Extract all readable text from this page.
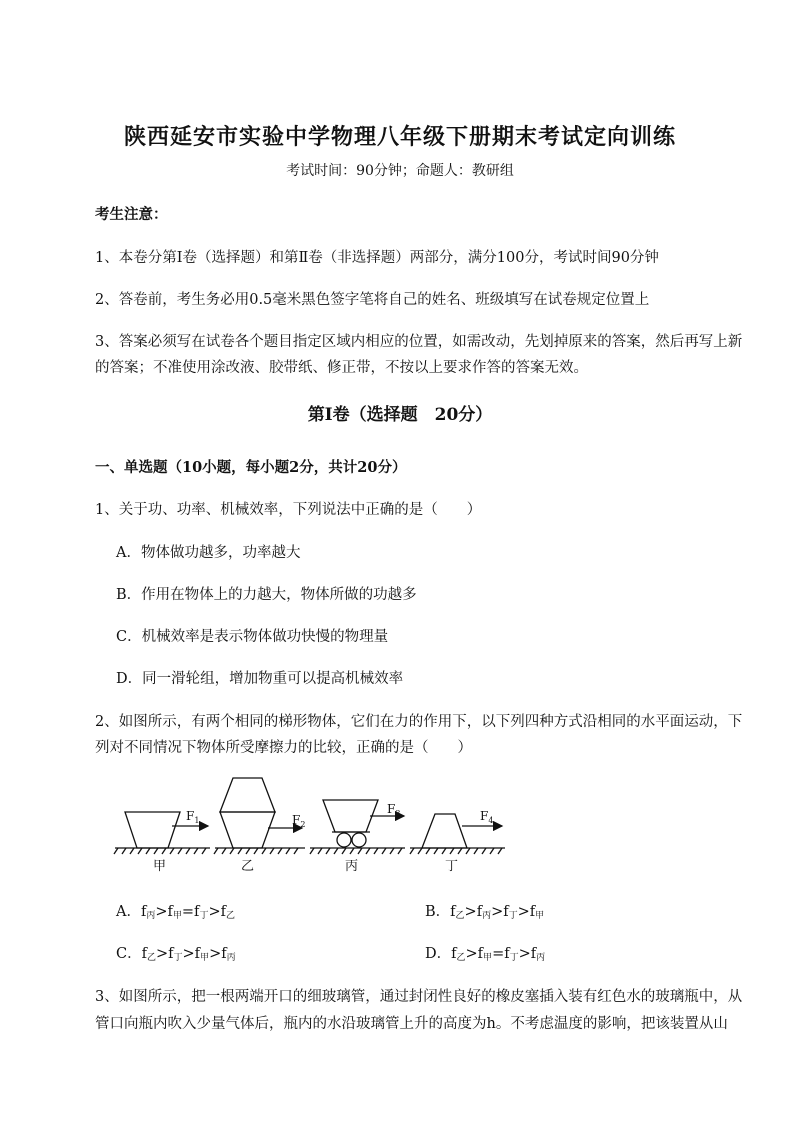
陕西延安市实验中学物理八年级下册期末考试定向训练
考试时间：90分钟；命题人：教研组
考生注意：
1、本卷分第I卷（选择题）和第Ⅱ卷（非选择题）两部分，满分100分，考试时间90分钟
2、答卷前，考生务必用0.5毫米黑色签字笔将自己的姓名、班级填写在试卷规定位置上
3、答案必须写在试卷各个题目指定区域内相应的位置，如需改动，先划掉原来的答案，然后再写上新
的答案；不准使用涂改液、胶带纸、修正带，不按以上要求作答的答案无效。
第I卷（选择题　20分）
一、单选题（10小题，每小题2分，共计20分）
1、关于功、功率、机械效率，下列说法中正确的是（　　）
A．物体做功越多，功率越大
B．作用在物体上的力越大，物体所做的功越多
C．机械效率是表示物体做功快慢的物理量
D．同一滑轮组，增加物重可以提高机械效率
2、如图所示，有两个相同的梯形物体，它们在力的作用下，以下列四种方式沿相同的水平面运动，下
列对不同情况下物体所受摩擦力的比较，正确的是（　　）
$F_1$	$F_2$
$F_3$	$F_4$
甲	乙	丙	丁
A．$f_丙>f_甲=f_丁>f_乙$	B．$f_乙>f_丙>f_丁>f_甲$
C．$f_乙>f_丁>f_甲>f_丙$	D．$f_乙>f_甲=f_丁>f_丙$
3、如图所示，把一根两端开口的细玻璃管，通过封闭性良好的橡皮塞插入装有红色水的玻璃瓶中，从
管口向瓶内吹入少量气体后，瓶内的水沿玻璃管上升的高度为h。不考虑温度的影响，把该装置从山
